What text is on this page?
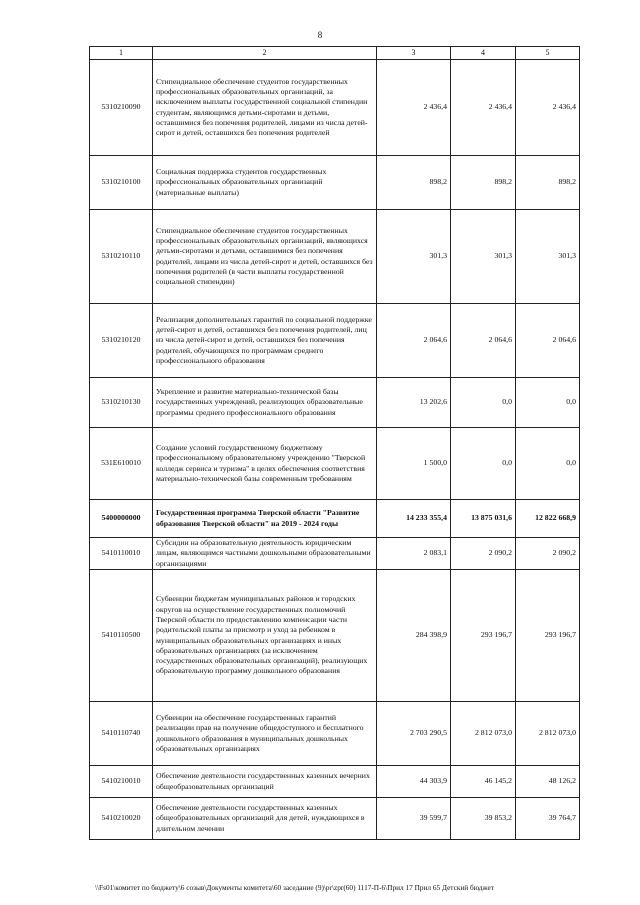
8
1	2	3	4	5
5310210090	Стипендиальное обеспечение студентов государственных профессиональных образовательных организаций, за исключением выплаты государственной социальной стипендии студентам, являющимся детьми-сиротами и детьми, оставшимися без попечения родителей, лицами из числа детей-сирот и детей, оставшихся без попечения родителей	2 436,4	2 436,4	2 436,4
5310210100	Социальная поддержка студентов государственных профессиональных образовательных организаций (материальные выплаты)	898,2	898,2	898,2
5310210110	Стипендиальное обеспечение студентов государственных профессиональных образовательных организаций, являющихся детьми-сиротами и детьми, оставшимися без попечения родителей, лицами из числа детей-сирот и детей, оставшихся без попечения родителей (в части выплаты государственной социальной стипендии)	301,3	301,3	301,3
5310210120	Реализация дополнительных гарантий по социальной поддержке детей-сирот и детей, оставшихся без попечения родителей, лиц из числа детей-сирот и детей, оставшихся без попечения родителей, обучающихся по программам среднего профессионального образования	2 064,6	2 064,6	2 064,6
5310210130	Укрепление и развитие материально-технической базы государственных учреждений, реализующих образовательные программы среднего профессионального образования	13 202,6	0,0	0,0
531E610010	Создание условий государственному бюджетному профессиональному образовательному учреждению "Тверской колледж сервиса и туризма" в целях обеспечения соответствия материально-технической базы современным требованиям	1 500,0	0,0	0,0
5400000000	Государственная программа Тверской области "Развитие образования Тверской области" на 2019 - 2024 годы	14 233 355,4	13 875 031,6	12 822 668,9
5410110010	Субсидии на образовательную деятельность юридическим лицам, являющимся частными дошкольными образовательными организациями	2 083,1	2 090,2	2 090,2
5410110500	Субвенции бюджетам муниципальных районов и городских округов на осуществление государственных полномочий Тверской области по предоставлению компенсации части родительской платы за присмотр и уход за ребенком в муниципальных образовательных организациях и иных образовательных организациях (за исключением государственных образовательных организаций), реализующих образовательную программу дошкольного образования	284 398,9	293 196,7	293 196,7
5410110740	Субвенции на обеспечение государственных гарантий реализации прав на получение общедоступного и бесплатного дошкольного образования в муниципальных дошкольных образовательных организациях	2 703 290,5	2 812 073,0	2 812 073,0
5410210010	Обеспечение деятельности государственных казенных вечерних общеобразовательных организаций	44 303,9	46 145,2	48 126,2
5410210020	Обеспечение деятельности государственных казенных общеобразовательных организаций для детей, нуждающихся в длительном лечении	39 599,7	39 853,2	39 764,7
\\Fs01\комитет по бюджету\6 созыв\Документы комитета\60 заседание (9)\pr\zpr(60) 1117-П-6\Прил 17 Прил 65 Детский бюджет
